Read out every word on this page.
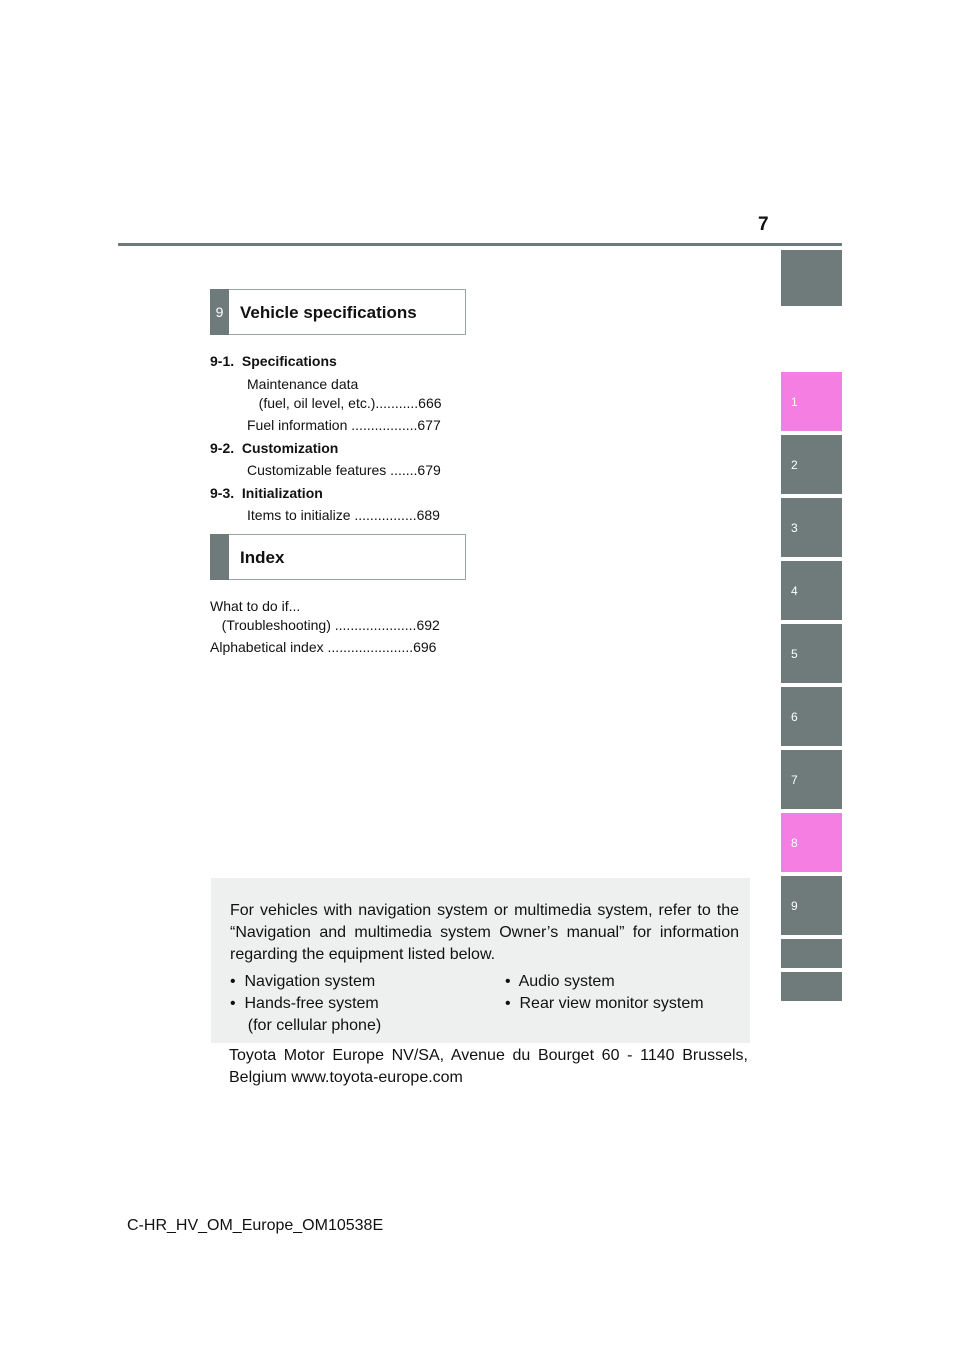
7
1
2
3
4
5
6
7
8
9
9 Vehicle specifications
9-1.  Specifications
Maintenance data
(fuel, oil level, etc.)...........666
Fuel information .................677
9-2.  Customization
Customizable features .......679
9-3.  Initialization
Items to initialize ................689
Index
What to do if...
(Troubleshooting) .....................692
Alphabetical index ......................696
For vehicles with navigation system or multimedia system, refer to the “Navigation and multimedia system Owner’s manual” for information regarding the equipment listed below.
•  Navigation system
•  Hands-free system
(for cellular phone)
•  Audio system
•  Rear view monitor system
Toyota Motor Europe NV/SA, Avenue du Bourget 60 - 1140 Brussels, Belgium www.toyota-europe.com
C-HR_HV_OM_Europe_OM10538E
